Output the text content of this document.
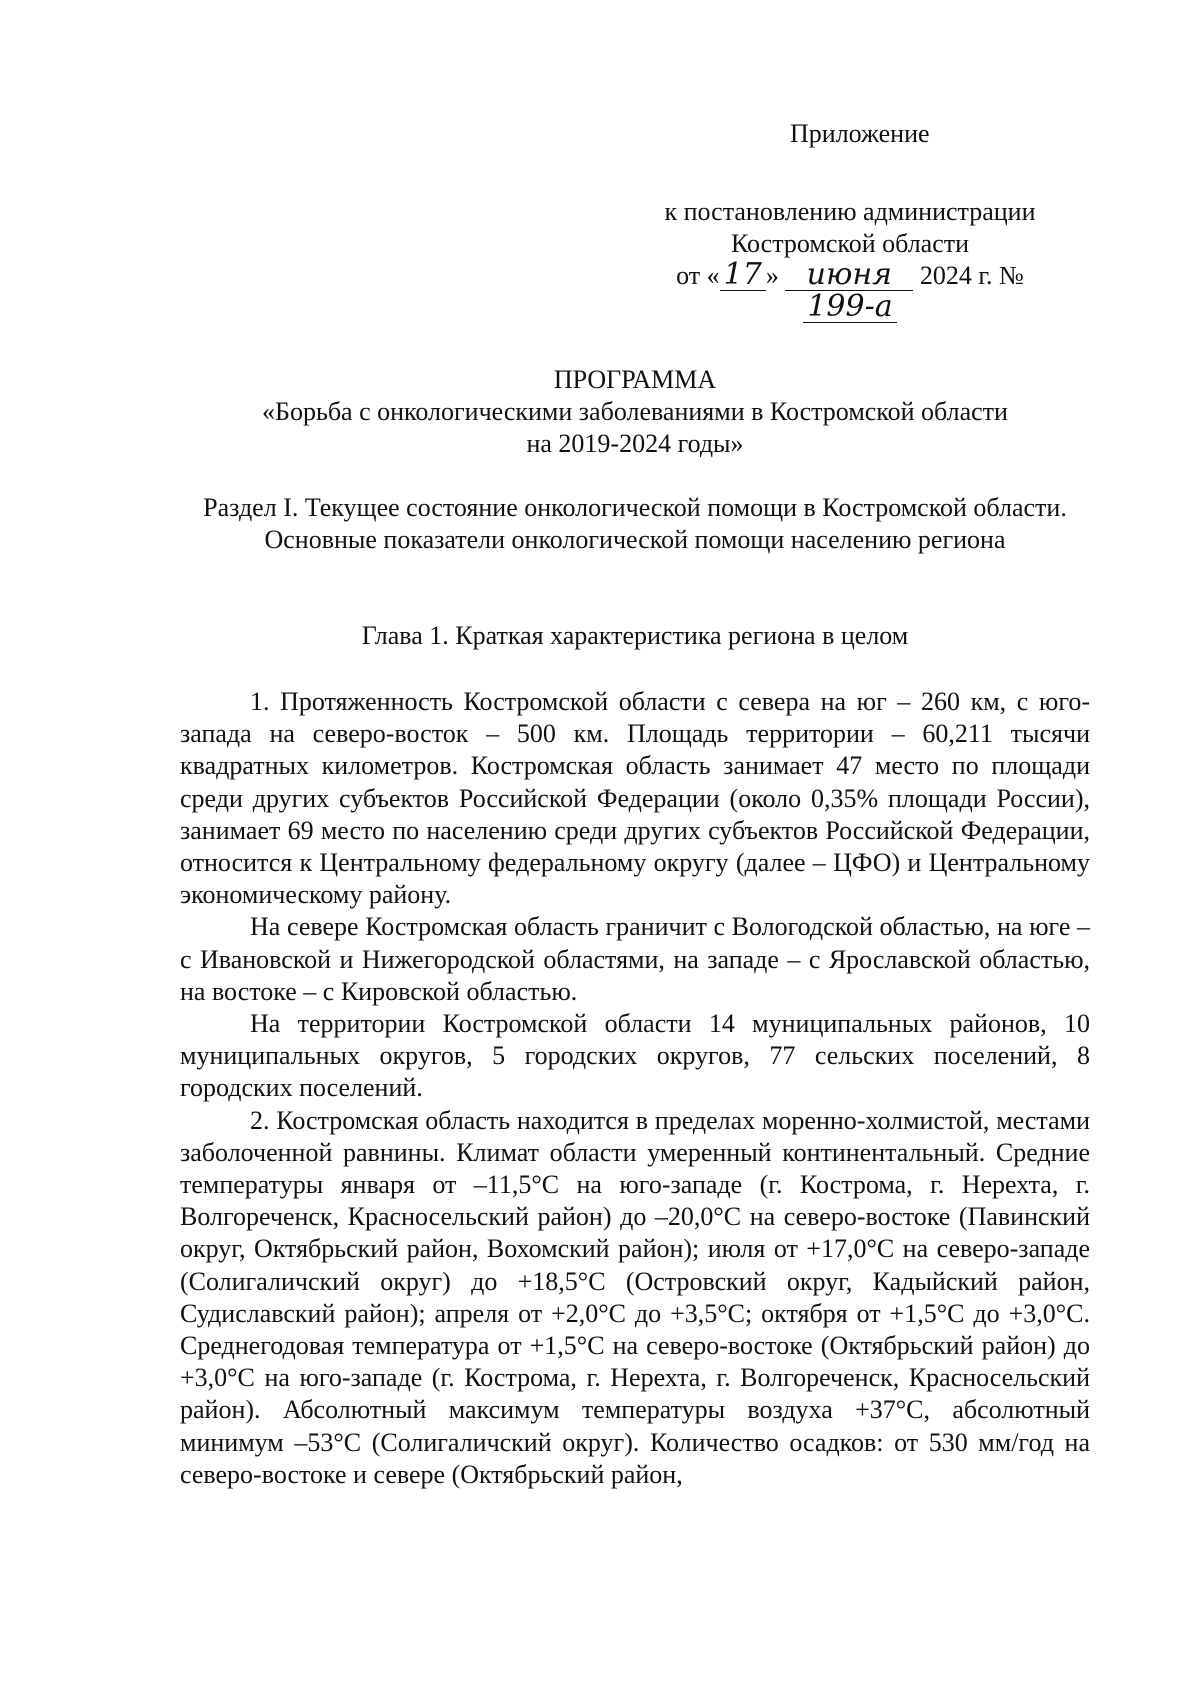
Приложение
к постановлению администрации
Костромской области
от « 17 » июня 2024 г. № 199-а
ПРОГРАММА
«Борьба с онкологическими заболеваниями в Костромской области
на 2019-2024 годы»
Раздел I. Текущее состояние онкологической помощи в Костромской области. Основные показатели онкологической помощи населению региона
Глава 1. Краткая характеристика региона в целом

1. Протяженность Костромской области с севера на юг – 260 км, с юго-запада на северо-восток – 500 км. Площадь территории – 60,211 тысячи квадратных километров. Костромская область занимает 47 место по площади среди других субъектов Российской Федерации (около 0,35% площади России), занимает 69 место по населению среди других субъектов Российской Федерации, относится к Центральному федеральному округу (далее – ЦФО) и Центральному экономическому району.

На севере Костромская область граничит с Вологодской областью, на юге – с Ивановской и Нижегородской областями, на западе – с Ярославской областью, на востоке – с Кировской областью.

На территории Костромской области 14 муниципальных районов, 10 муниципальных округов, 5 городских округов, 77 сельских поселений, 8 городских поселений.

2. Костромская область находится в пределах моренно-холмистой, местами заболоченной равнины. Климат области умеренный континентальный. Средние температуры января от –11,5°С на юго-западе (г. Кострома, г. Нерехта, г. Волгореченск, Красносельский район) до –20,0°С на северо-востоке (Павинский округ, Октябрьский район, Вохомский район); июля от +17,0°С на северо-западе (Солигаличский округ) до +18,5°С (Островский округ, Кадыйский район, Судиславский район); апреля от +2,0°С до +3,5°С; октября от +1,5°С до +3,0°С. Среднегодовая температура от +1,5°С на северо-востоке (Октябрьский район) до +3,0°С на юго-западе (г. Кострома, г. Нерехта, г. Волгореченск, Красносельский район). Абсолютный максимум температуры воздуха +37°С, абсолютный минимум –53°С (Солигаличский округ). Количество осадков: от 530 мм/год на северо-востоке и севере (Октябрьский район,
